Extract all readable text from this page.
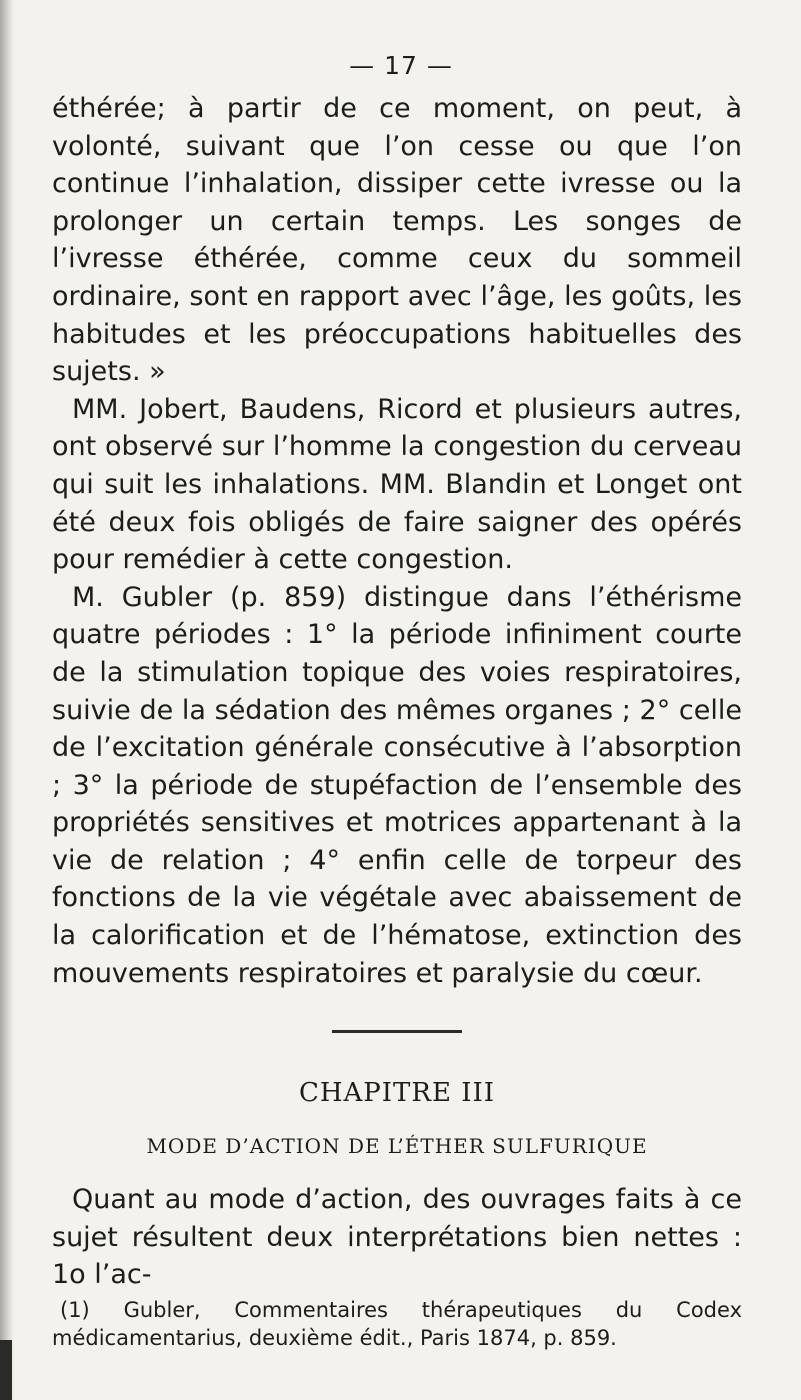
— 17 —

éthérée; à partir de ce moment, on peut, à volonté, suivant que l’on cesse ou que l’on continue l’inhalation, dissiper cette ivresse ou la prolonger un certain temps. Les songes de l’ivresse éthérée, comme ceux du sommeil ordinaire, sont en rapport avec l’âge, les goûts, les habitudes et les préoccupations habituelles des sujets. »

MM. Jobert, Baudens, Ricord et plusieurs autres, ont observé sur l’homme la congestion du cerveau qui suit les inhalations. MM. Blandin et Longet ont été deux fois obligés de faire saigner des opérés pour remédier à cette congestion.

M. Gubler (p. 859) distingue dans l’éthérisme quatre périodes : 1° la période infiniment courte de la stimulation topique des voies respiratoires, suivie de la sédation des mêmes organes ; 2° celle de l’excitation générale consécutive à l’absorption ; 3° la période de stupéfaction de l’ensemble des propriétés sensitives et motrices appartenant à la vie de relation ; 4° enfin celle de torpeur des fonctions de la vie végétale avec abaissement de la calorification et de l’hématose, extinction des mouvements respiratoires et paralysie du cœur.

CHAPITRE III
MODE D’ACTION DE L’ÉTHER SULFURIQUE

Quant au mode d’action, des ouvrages faits à ce sujet résultent deux interprétations bien nettes : 1o l’ac-

(1) Gubler, Commentaires thérapeutiques du Codex médicamentarius, deuxième édit., Paris 1874, p. 859.
